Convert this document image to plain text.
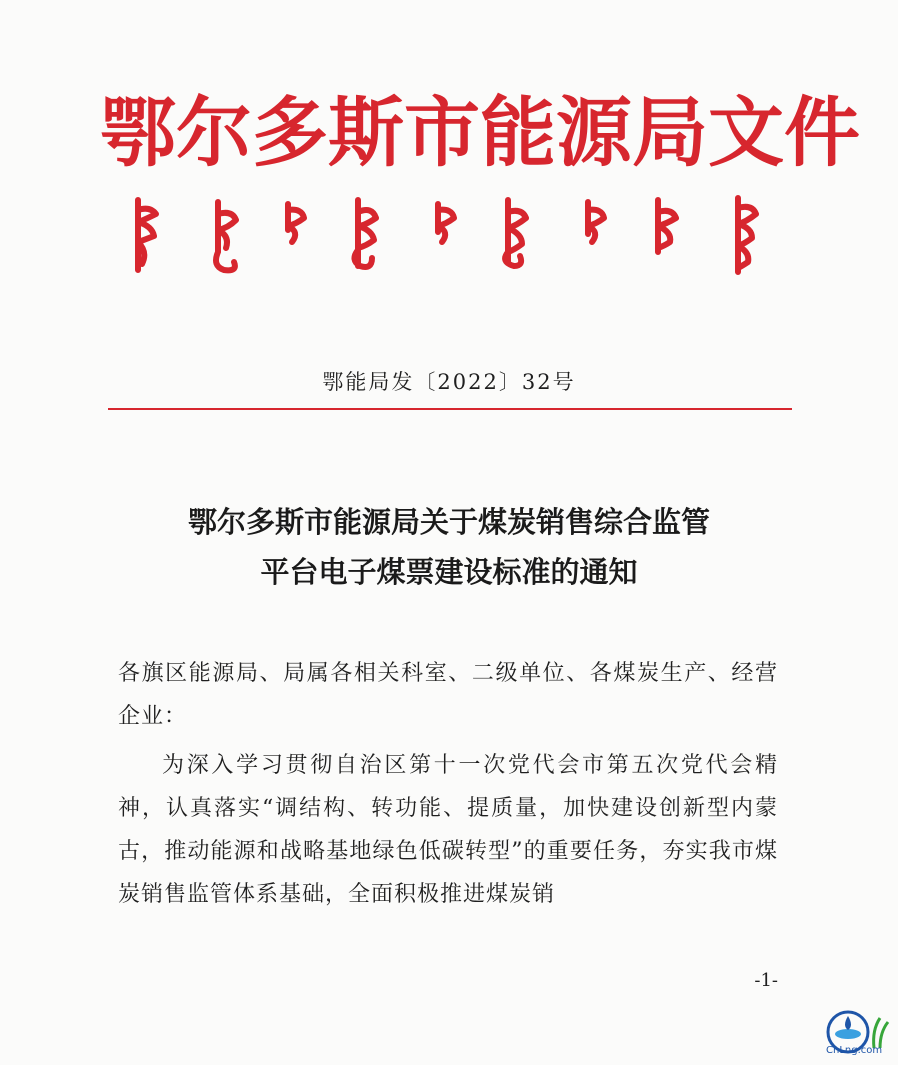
鄂尔多斯市能源局文件
鄂能局发〔2022〕32号
鄂尔多斯市能源局关于煤炭销售综合监管
平台电子煤票建设标准的通知
各旗区能源局、局属各相关科室、二级单位、各煤炭生产、经营企业：
为深入学习贯彻自治区第十一次党代会市第五次党代会精神，认真落实“调结构、转功能、提质量，加快建设创新型内蒙古，推动能源和战略基地绿色低碳转型”的重要任务，夯实我市煤炭销售监管体系基础，全面积极推进煤炭销
-1-
CnLng.com
